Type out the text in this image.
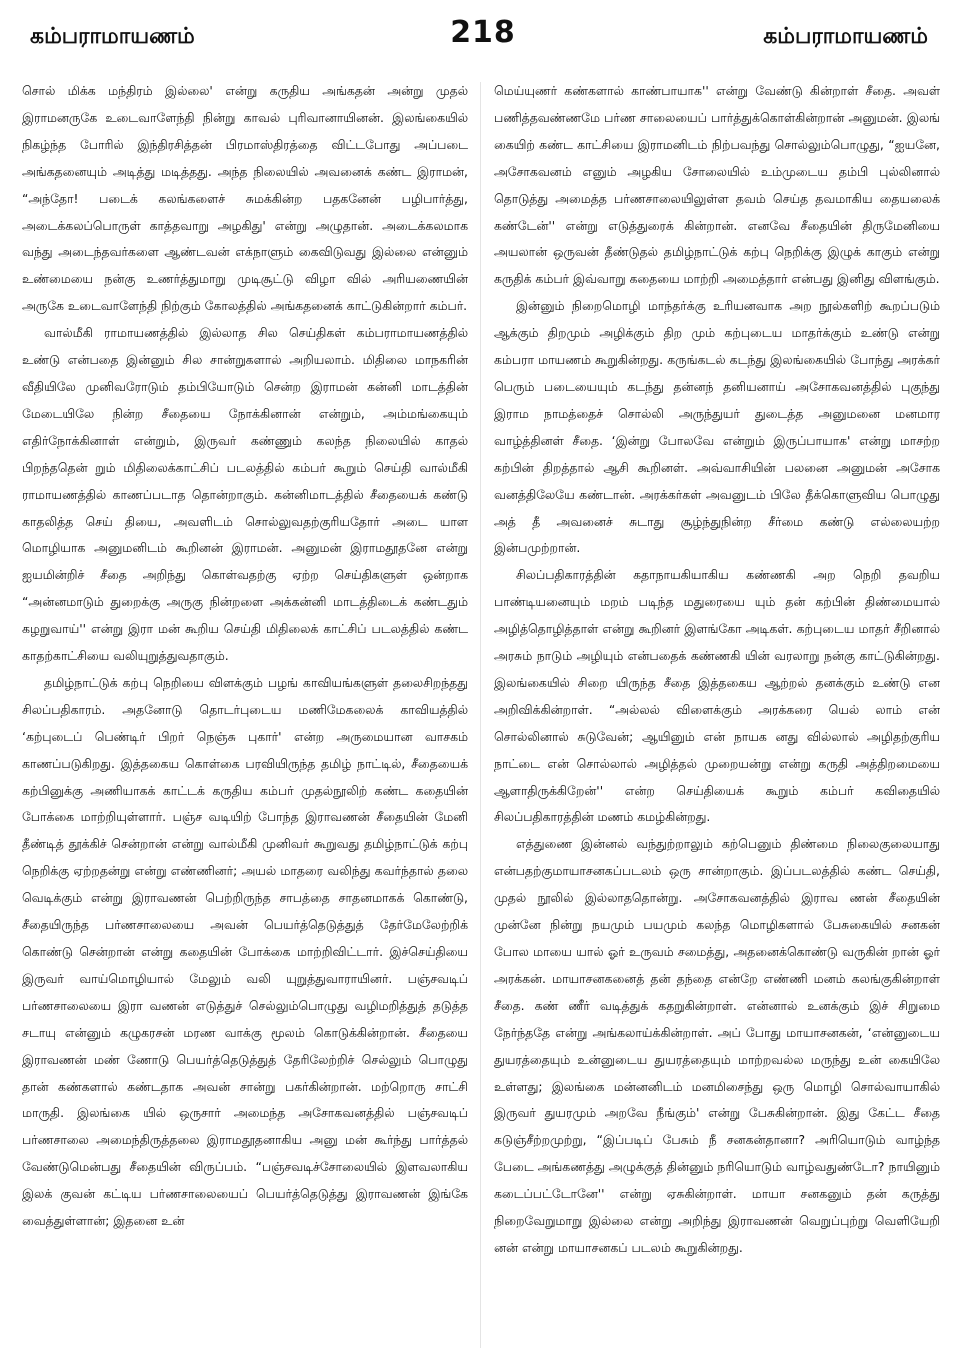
கம்பராமாயணம்	218	கம்பராமாயணம்

சொல் மிக்க மந்திரம் இல்லை' என்று கருதிய அங்கதன் அன்று முதல் இராமனருகே உடைவாளேந்தி நின்று காவல் புரிவானாயினன். இலங்கையில் நிகழ்ந்த போரில் இந்திரசித்தன் பிரமாஸ்திரத்தை விட்டபோது அப்படை அங்கதனையும் அடித்து மடித்தது. அந்த நிலையில் அவனைக் கண்ட இராமன், “அந்தோ! படைக் கலங்களைச் சுமக்கின்ற பதகனேன் பழிபார்த்து, அடைக்கலப்பொருள் காத்தவாறு அழகிது' என்று அழுதான். அடைக்கலமாக வந்து அடைந்தவர்களை ஆண்டவன் எக்நாளும் கைவிடுவது இல்லை என்னும் உண்மையை நன்கு உணர்த்துமாறு முடிசூட்டு விழா வில் அரியணையின் அருகே உடைவாளேந்தி நிற்கும் கோலத்தில் அங்கதனைக் காட்டுகின்றார் கம்பர்.

வால்மீகி ராமாயணத்தில் இல்லாத சில செய்திகள் கம்பராமாயணத்தில் உண்டு என்பதை இன்னும் சில சான்றுகளால் அறியலாம். மிதிலை மாநகரின் வீதியிலே முனிவரோடும் தம்பியோடும் சென்ற இராமன் கன்னி மாடத்தின் மேடையிலே நின்ற சீதையை நோக்கினான் என்றும், அம்மங்கையும் எதிர்நோக்கினாள் என்றும், இருவர் கண்ணும் கலந்த நிலையில் காதல் பிறந்ததென் றும் மிதிலைக்காட்சிப் படலத்தில் கம்பர் கூறும் செய்தி வால்மீகி ராமாயணத்தில் காணப்படாத தொன்றாகும். கன்னிமாடத்தில் சீதையைக் கண்டு காதலித்த செய் தியை, அவளிடம் சொல்லுவதற்குரியதோர் அடை யாள மொழியாக அனுமனிடம் கூறினன் இராமன். அனுமன் இராமதூதனே என்று ஐயமின்றிச் சீதை அறிந்து கொள்வதற்கு ஏற்ற செய்திகளுள் ஒன்றாக “அன்னமாடும் துறைக்கு அருகு நின்றளை அக்கன்னி மாடத்திடைக் கண்டதும் கழறுவாய்'' என்று இரா மன் கூறிய செய்தி மிதிலைக் காட்சிப் படலத்தில் கண்ட காதற்காட்சியை வலியுறுத்துவதாகும்.

தமிழ்நாட்டுக் கற்பு நெறியை விளக்கும் பழங் காவியங்களுள் தலைசிறந்தது சிலப்பதிகாரம். அதனோடு தொடர்புடைய மணிமேகலைக் காவியத்தில் ‘கற்புடைப் பெண்டிர் பிறர் நெஞ்சு புகார்' என்ற அருமையான வாசகம் காணப்படுகிறது. இத்தகைய கொள்கை பரவியிருந்த தமிழ் நாட்டில், சீதையைக் கற்பினுக்கு அணியாகக் காட்டக் கருதிய கம்பர் முதல்நூலிற் கண்ட கதையின் போக்கை மாற்றியுள்ளார். பஞ்ச வடியிற் போந்த இராவணன் சீதையின் மேனி தீண்டித் தூக்கிச் சென்றான் என்று வால்மீகி முனிவர் கூறுவது தமிழ்நாட்டுக் கற்பு நெறிக்கு ஏற்றதன்று என்று எண்ணினர்; அயல் மாதரை வலிந்து கவர்ந்தால் தலை வெடிக்கும் என்று இராவணன் பெற்றிருந்த சாபத்தை சாதனமாகக் கொண்டு, சீதையிருந்த பர்ணசாலையை அவன் பெயர்த்தெடுத்துத் தேர்மேலேற்றிக் கொண்டு சென்றான் என்று கதையின் போக்கை மாற்றிவிட்டார். இச்செய்தியை இருவர் வாய்மொழியால் மேலும் வலி யுறுத்துவாராயினர். பஞ்சவடிப் பர்ணசாலையை இரா வணன் எடுத்துச் செல்லும்பொழுது வழிமறித்துத் தடுத்த சடாயு என்னும் கழுகரசன் மரண வாக்கு மூலம் கொடுக்கின்றான். சீதையை இராவணன் மண் ணோடு பெயர்த்தெடுத்துத் தேரிலேற்றிச் செல்லும் பொழுது தான் கண்களால் கண்டதாக அவன் சான்று பகர்கின்றான். மற்றொரு சாட்சி மாருதி. இலங்கை யில் ஒருசார் அமைந்த அசோகவனத்தில் பஞ்சவடிப் பர்ணசாலை அமைந்திருத்தலை இராமதூதனாகிய அனு மன் கூர்ந்து பார்த்தல் வேண்டுமென்பது சீதையின் விருப்பம். “பஞ்சவடிச்சோலையில் இளவலாகிய இலக் குவன் கட்டிய பர்ணசாலையைப் பெயர்த்தெடுத்து இராவணன் இங்கே வைத்துள்ளான்; இதனை உன்

மெய்யுணர் கண்களால் காண்பாயாக'' என்று வேண்டு கின்றாள் சீதை. அவள் பணித்தவண்ணமே பர்ண சாலையைப் பார்த்துக்கொள்கின்றான் அனுமன். இலங் கையிற் கண்ட காட்சியை இராமனிடம் நிற்பவந்து சொல்லும்பொழுது, “ஐயனே, அசோகவனம் எனும் அழகிய சோலையில் உம்முடைய தம்பி புல்லினால் தொடுத்து அமைத்த பர்ணசாலையிலுள்ள தவம் செய்த தவமாகிய தையலைக் கண்டேன்'' என்று எடுத்துரைக் கின்றான். எனவே சீதையின் திருமேனியை அயலான் ஒருவன் தீண்டுதல் தமிழ்நாட்டுக் கற்பு நெறிக்கு இழுக் காகும் என்று கருதிக் கம்பர் இவ்வாறு கதையை மாற்றி அமைத்தார் என்பது இனிது விளங்கும்.

இன்னும் நிறைமொழி மாந்தர்க்கு உரியனவாக அற நூல்களிற் கூறப்படும் ஆக்கும் திறமும் அழிக்கும் திற மும் கற்புடைய மாதர்க்கும் உண்டு என்று கம்பரா மாயணம் கூறுகின்றது. கருங்கடல் கடந்து இலங்கையில் போந்து அரக்கர் பெரும் படையையும் கடந்து தன்னந் தனியனாய் அசோகவனத்தில் புகுந்து இராம நாமத்தைச் சொல்லி அருந்துயர் துடைத்த அனுமனை மனமார வாழ்த்தினள் சீதை. ‘இன்று போலவே என்றும் இருப்பாயாக' என்று மாசற்ற கற்பின் திறத்தால் ஆசி கூறினள். அவ்வாசியின் பலனை அனுமன் அசோக வனத்திலேயே கண்டான். அரக்கர்கள் அவனுடம் பிலே தீக்கொளுவிய பொழுது அத் தீ அவனைச் சுடாது சூழ்ந்துநின்ற சீர்மை கண்டு எல்லையற்ற இன்பமுற்றான்.

சிலப்பதிகாரத்தின் கதாநாயகியாகிய கண்ணகி அற நெறி தவறிய பாண்டியனையும் மறம் படிந்த மதுரையை யும் தன் கற்பின் திண்மையால் அழித்தொழித்தாள் என்று கூறினர் இளங்கோ அடிகள். கற்புடைய மாதர் சீறினால் அரசும் நாடும் அழியும் என்பதைக் கண்ணகி யின் வரலாறு நன்கு காட்டுகின்றது. இலங்கையில் சிறை யிருந்த சீதை இத்தகைய ஆற்றல் தனக்கும் உண்டு என அறிவிக்கின்றாள். “அல்லல் விளைக்கும் அரக்கரை யெல் லாம் என் சொல்லினால் சுடுவேன்; ஆயினும் என் நாயக னது வில்லால் அழிதற்குரிய நாட்டை என் சொல்லால் அழித்தல் முறையன்று என்று கருதி அத்திறமையை ஆளாதிருக்கிறேன்'' என்ற செய்தியைக் கூறும் கம்பர் கவிதையில் சிலப்பதிகாரத்தின் மணம் கமழ்கின்றது.

எத்துணை இன்னல் வந்துற்றாலும் கற்பெனும் திண்மை நிலைகுலையாது என்பதற்குமாயாசனகப்படலம் ஒரு சான்றாகும். இப்படலத்தில் கண்ட செய்தி, முதல் நூலில் இல்லாததொன்று. அசோகவனத்தில் இராவ ணன் சீதையின் முன்னே நின்று நயமும் பயமும் கலந்த மொழிகளால் பேசுகையில் சனகன் போல மாயை யால் ஓர் உருவம் சமைத்து, அதனைக்கொண்டு வருகின் றான் ஓர் அரக்கன். மாயாசனகனைத் தன் தந்தை என்றே எண்ணி மனம் கலங்குகின்றாள் சீதை. கண் ணீர் வடித்துக் கதறுகின்றாள். என்னால் உனக்கும் இச் சிறுமை நேர்ந்ததே என்று அங்கலாய்க்கின்றாள். அப் போது மாயாசனகன், ‘என்னுடைய துயரத்தையும் உன்னுடைய துயரத்தையும் மாற்றவல்ல மருந்து உன் கையிலே உள்ளது; இலங்கை மன்னனிடம் மனமிசைந்து ஒரு மொழி சொல்வாயாகில் இருவர் துயரமும் அறவே நீங்கும்' என்று பேசுகின்றான். இது கேட்ட சீதை கடுஞ்சீற்றமுற்று, “இப்படிப் பேசும் நீ சனகன்தானா? அரியொடும் வாழ்ந்த பேடை அங்கணத்து அழுக்குத் தின்னும் நரியொடும் வாழ்வதுண்டோ? நாயினும் கடைப்பட்டோனே'' என்று ஏசுகின்றாள். மாயா சனகனும் தன் கருத்து நிறைவேறுமாறு இல்லை என்று அறிந்து இராவணன் வெறுப்புற்று வெளியேறி னன் என்று மாயாசனகப் படலம் கூறுகின்றது.
